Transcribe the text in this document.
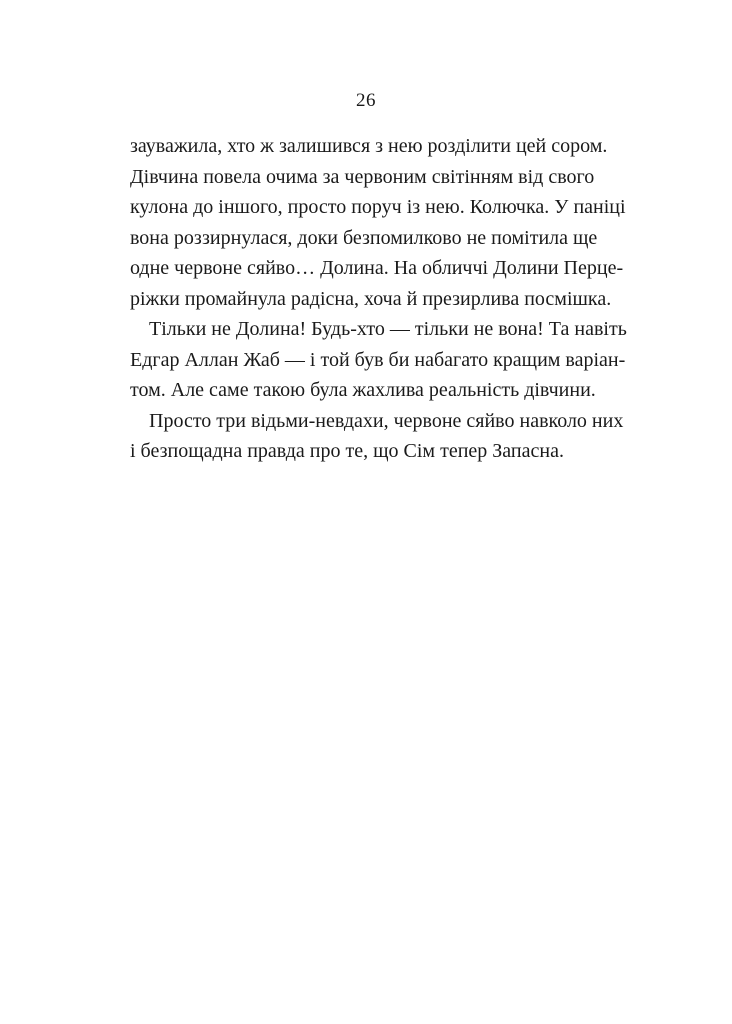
26
зауважила, хто ж залишився з нею розділити цей сором.
Дівчина повела очима за червоним світінням від свого
кулона до іншого, просто поруч із нею. Колючка. У паніці
вона роззирнулася, доки безпомилково не помітила ще
одне червоне сяйво… Долина. На обличчі Долини Перце-
ріжки промайнула радісна, хоча й презирлива посмішка.
Тільки не Долина! Будь-хто — тільки не вона! Та навіть
Едгар Аллан Жаб — і той був би набагато кращим варіан-
том. Але саме такою була жахлива реальність дівчини.
Просто три відьми-невдахи, червоне сяйво навколо них
і безпощадна правда про те, що Сім тепер Запасна.
